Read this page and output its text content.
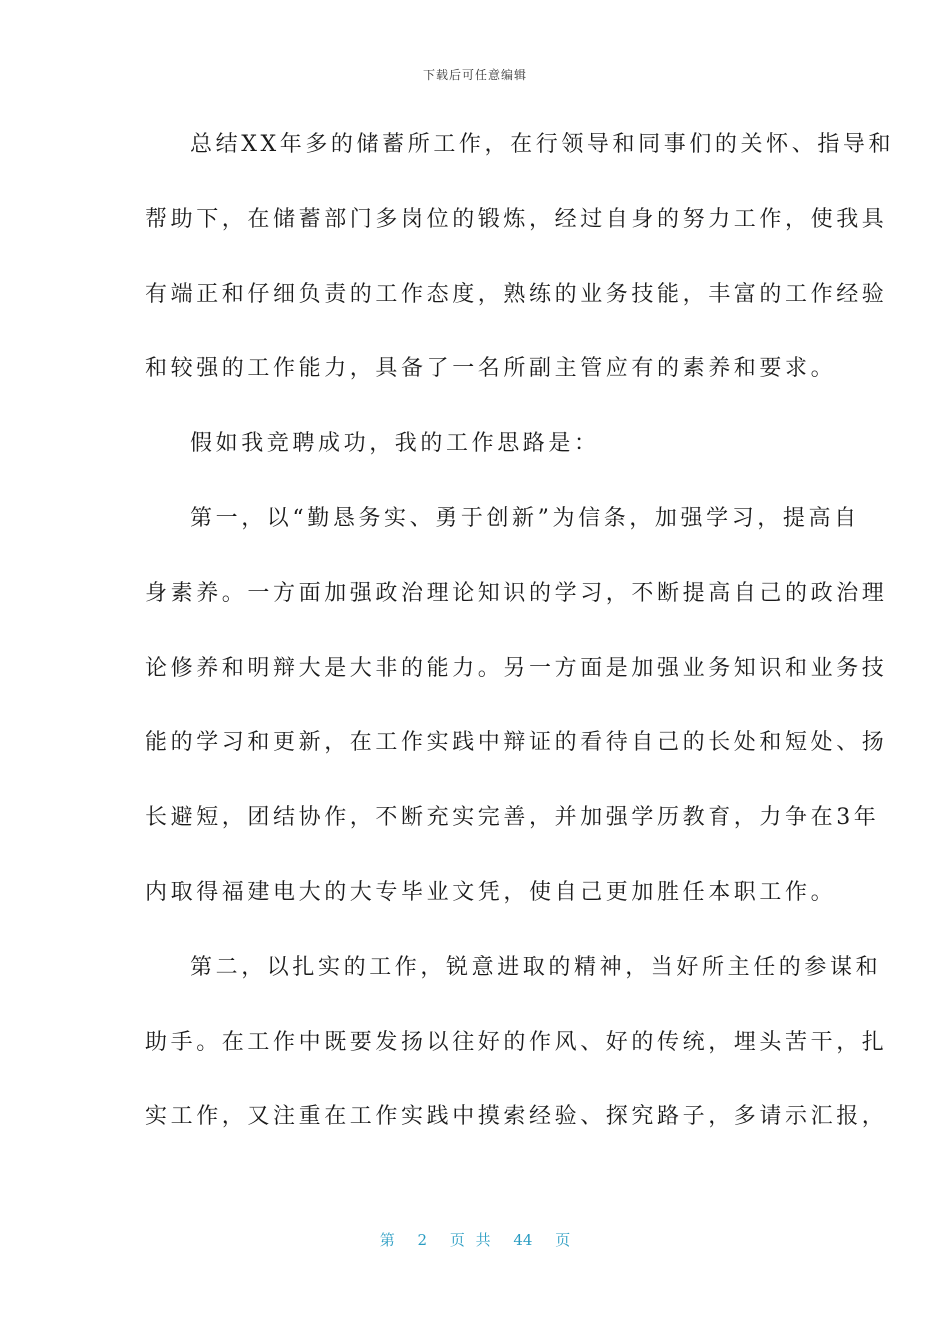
下载后可任意编辑
总结XX年多的储蓄所工作，在行领导和同事们的关怀、指导和
帮助下，在储蓄部门多岗位的锻炼，经过自身的努力工作，使我具
有端正和仔细负责的工作态度，熟练的业务技能，丰富的工作经验
和较强的工作能力，具备了一名所副主管应有的素养和要求。
假如我竞聘成功，我的工作思路是：
第一，以“勤恳务实、勇于创新”为信条，加强学习，提高自
身素养。一方面加强政治理论知识的学习，不断提高自己的政治理
论修养和明辩大是大非的能力。另一方面是加强业务知识和业务技
能的学习和更新，在工作实践中辩证的看待自己的长处和短处、扬
长避短，团结协作，不断充实完善，并加强学历教育，力争在3年
内取得福建电大的大专毕业文凭，使自己更加胜任本职工作。
第二，以扎实的工作，锐意进取的精神，当好所主任的参谋和
助手。在工作中既要发扬以往好的作风、好的传统，埋头苦干，扎
实工作，又注重在工作实践中摸索经验、探究路子，多请示汇报，
第 2 页 共 44 页
